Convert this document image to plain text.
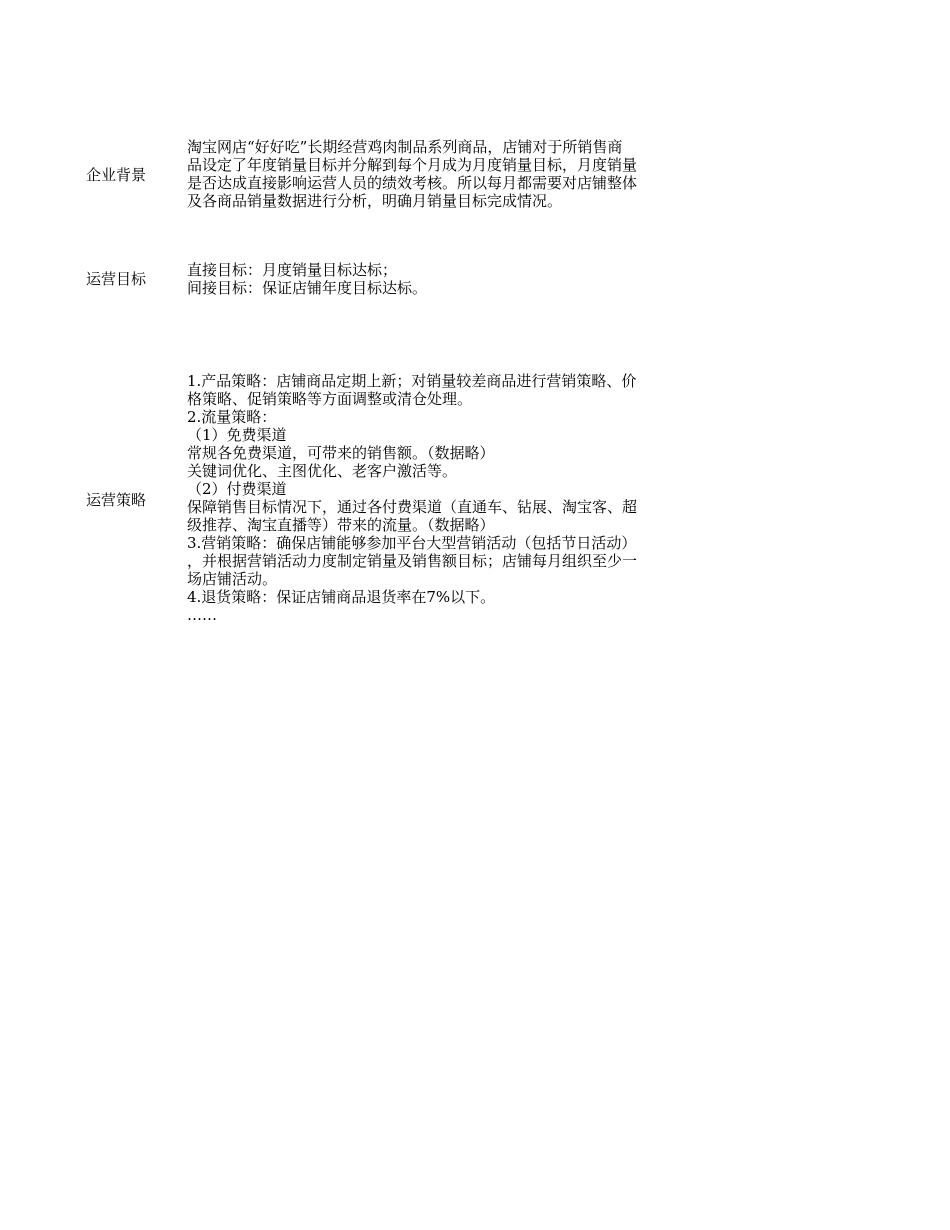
企业背景
淘宝网店“好好吃”长期经营鸡肉制品系列商品，店铺对于所销售商
品设定了年度销量目标并分解到每个月成为月度销量目标，月度销量
是否达成直接影响运营人员的绩效考核。所以每月都需要对店铺整体
及各商品销量数据进行分析，明确月销量目标完成情况。
运营目标	直接目标：月度销量目标达标；
间接目标：保证店铺年度目标达标。
运营策略
1.产品策略：店铺商品定期上新；对销量较差商品进行营销策略、价
格策略、促销策略等方面调整或清仓处理。
2.流量策略：
（1）免费渠道
常规各免费渠道，可带来的销售额。（数据略）
关键词优化、主图优化、老客户激活等。
（2）付费渠道
保障销售目标情况下，通过各付费渠道（直通车、钻展、淘宝客、超
级推荐、淘宝直播等）带来的流量。（数据略）
3.营销策略：确保店铺能够参加平台大型营销活动（包括节日活动）
，并根据营销活动力度制定销量及销售额目标；店铺每月组织至少一
场店铺活动。
4.退货策略：保证店铺商品退货率在7%以下。
……
